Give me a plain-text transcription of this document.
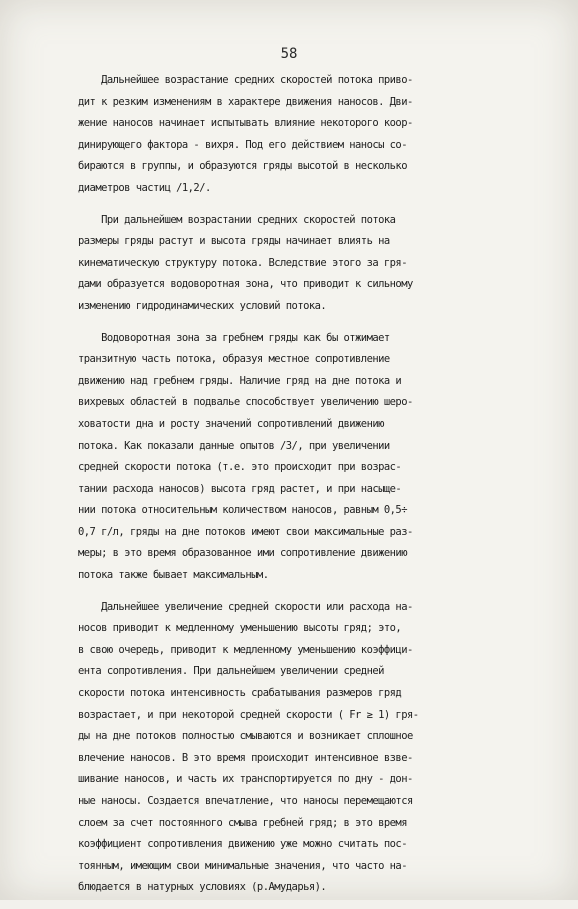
58
Дальнейшее возрастание средних скоростей потока приво-
дит к резким изменениям в характере движения наносов. Дви-
жение наносов начинает испытывать влияние некоторого коор-
динирующего фактора - вихря. Под его действием наносы со-
бираются в группы, и образуются гряды высотой в несколько
диаметров частиц /1,2/.
При дальнейшем возрастании средних скоростей потока
размеры гряды растут и высота гряды начинает влиять на
кинематическую структуру потока. Вследствие этого за гря-
дами образуется водоворотная зона, что приводит к сильному
изменению гидродинамических условий потока.
Водоворотная зона за гребнем гряды как бы отжимает
транзитную часть потока, образуя местное сопротивление
движению над гребнем гряды. Наличие гряд на дне потока и
вихревых областей в подвалье способствует увеличению шеро-
ховатости дна и росту значений сопротивлений движению
потока. Как показали данные опытов /3/, при увеличении
средней скорости потока (т.е. это происходит при возрас-
тании расхода наносов) высота гряд растет, и при насыще-
нии потока относительным количеством наносов, равным 0,5÷
0,7 г/л, гряды на дне потоков имеют свои максимальные раз-
меры; в это время образованное ими сопротивление движению
потока также бывает максимальным.
Дальнейшее увеличение средней скорости или расхода на-
носов приводит к медленному уменьшению высоты гряд; это,
в свою очередь, приводит к медленному уменьшению коэффици-
ента сопротивления. При дальнейшем увеличении средней
скорости потока интенсивность срабатывания размеров гряд
возрастает, и при некоторой средней скорости ( Fr ≥ 1) гря-
ды на дне потоков полностью смываются и возникает сплошное
влечение наносов. В это время происходит интенсивное взве-
шивание наносов, и часть их транспортируется по дну - дон-
ные наносы. Создается впечатление, что наносы перемещаются
слоем за счет постоянного смыва гребней гряд; в это время
коэффициент сопротивления движению уже можно считать пос-
тоянным, имеющим свои минимальные значения, что часто на-
блюдается в натурных условиях (р.Амударья).
